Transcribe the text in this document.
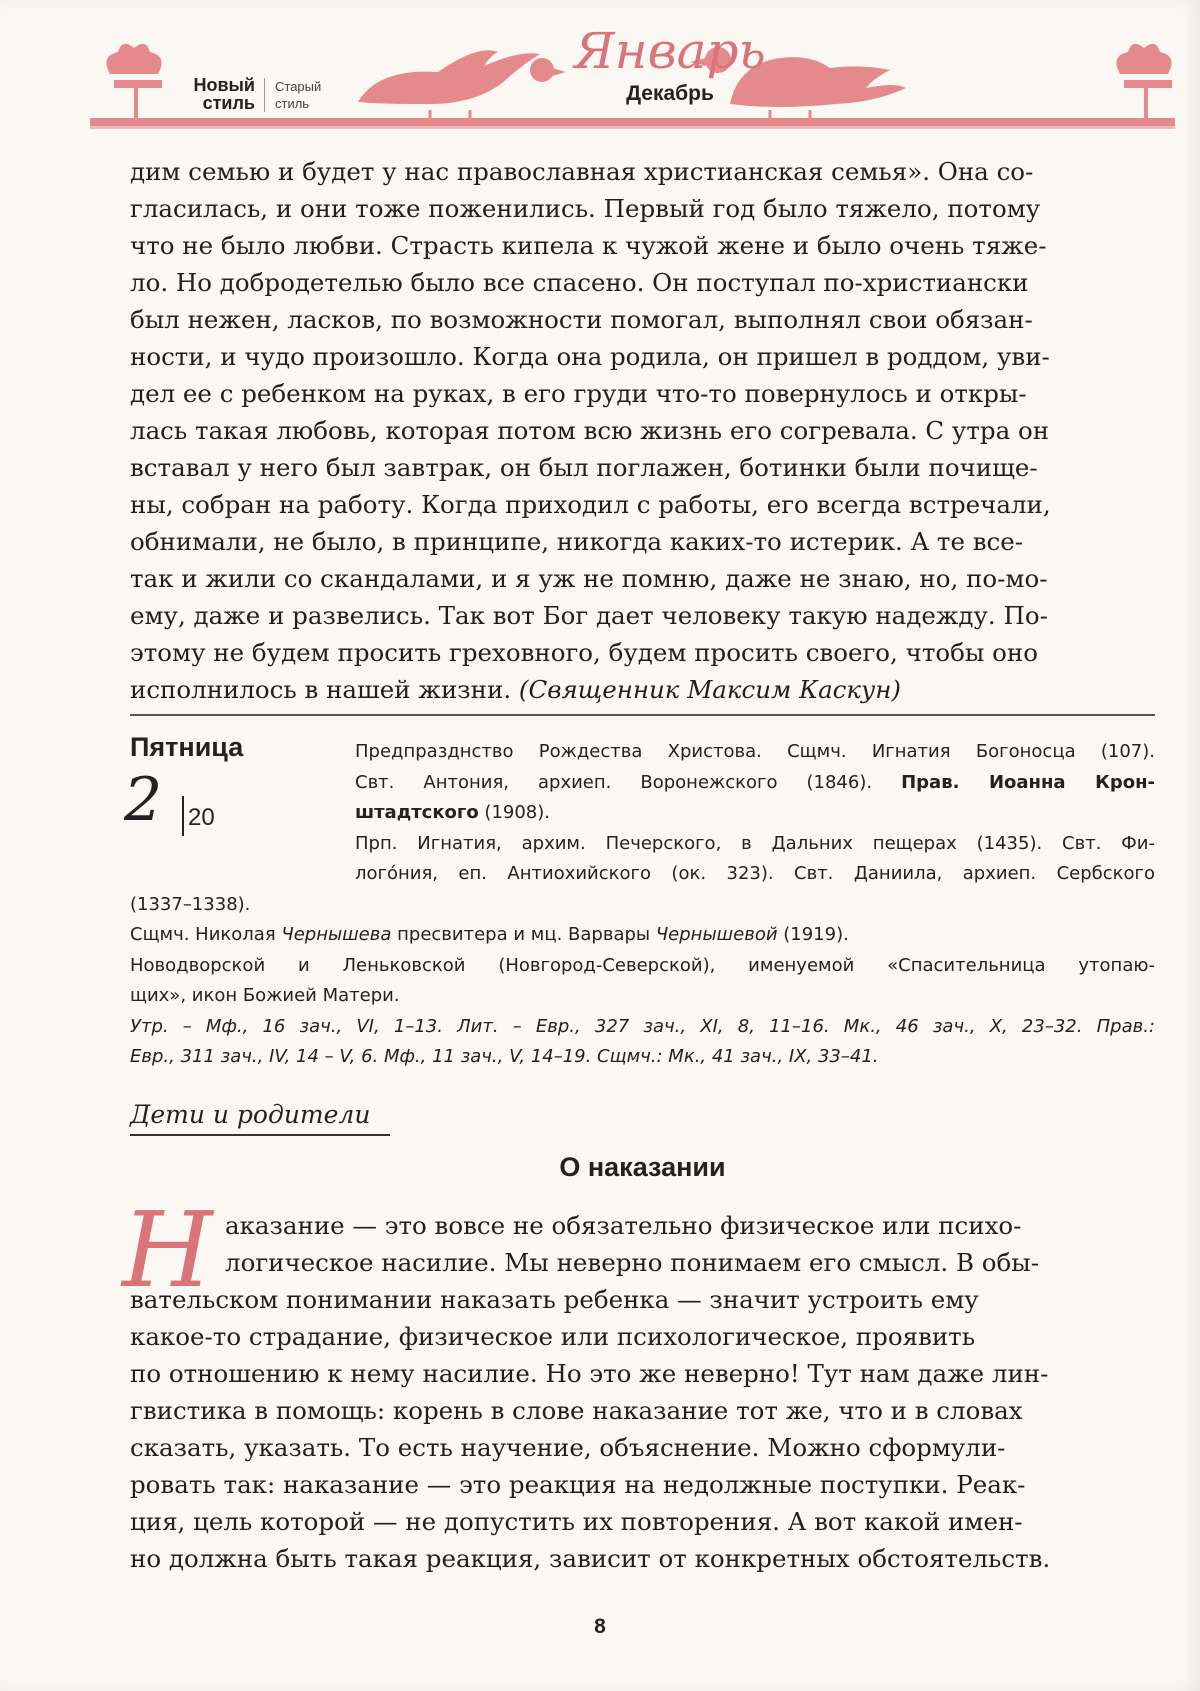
Новый стиль
Старый стиль
Январь
Декабрь

дим семью и будет у нас православная христианская семья». Она со-

гласилась, и они тоже поженились. Первый год было тяжело, потому

что не было любви. Страсть кипела к чужой жене и было очень тяже-

ло. Но добродетелью было все спасено. Он поступал по-христиански

был нежен, ласков, по возможности помогал, выполнял свои обязан-

ности, и чудо произошло. Когда она родила, он пришел в роддом, уви-

дел ее с ребенком на руках, в его груди что-то повернулось и откры-

лась такая любовь, которая потом всю жизнь его согревала. С утра он

вставал у него был завтрак, он был поглажен, ботинки были почище-

ны, собран на работу. Когда приходил с работы, его всегда встречали,

обнимали, не было, в принципе, никогда каких-то истерик. А те все-

так и жили со скандалами, и я уж не помню, даже не знаю, но, по-мо-

ему, даже и развелись. Так вот Бог дает человеку такую надежду. По-

этому не будем просить греховного, будем просить своего, чтобы оно

исполнилось в нашей жизни. (Священник Максим Каскун)

Пятница
2 20
Предпразднство Рождества Христова. Сщмч. Игнатия Богоносца (107).
Свт. Антония, архиеп. Воронежского (1846). Прав. Иоанна Крон-
штадтского (1908).
Прп. Игнатия, архим. Печерского, в Дальних пещерах (1435). Свт. Фи-
логóния, еп. Антиохийского (ок. 323). Свт. Даниила, архиеп. Сербского
(1337–1338).
Сщмч. Николая Чернышева пресвитера и мц. Варвары Чернышевой (1919).
Новодворской и Леньковской (Новгород-Северской), именуемой «Спасительница утопаю-
щих», икон Божией Матери.
Утр. – Мф., 16 зач., VI, 1–13. Лит. – Евр., 327 зач., XI, 8, 11–16. Мк., 46 зач., X, 23–32. Прав.:
Евр., 311 зач., IV, 14 – V, 6. Мф., 11 зач., V, 14–19. Сщмч.: Мк., 41 зач., IX, 33–41.
Дети и родители
О наказании
Н аказание — это вовсе не обязательно физическое или психо-

логическое насилие. Мы неверно понимаем его смысл. В обы-

вательском понимании наказать ребенка — значит устроить ему

какое-то страдание, физическое или психологическое, проявить

по отношению к нему насилие. Но это же неверно! Тут нам даже лин-

гвистика в помощь: корень в слове наказание тот же, что и в словах

сказать, указать. То есть научение, объяснение. Можно сформули-

ровать так: наказание — это реакция на недолжные поступки. Реак-

ция, цель которой — не допустить их повторения. А вот какой имен-

но должна быть такая реакция, зависит от конкретных обстоятельств.

8
